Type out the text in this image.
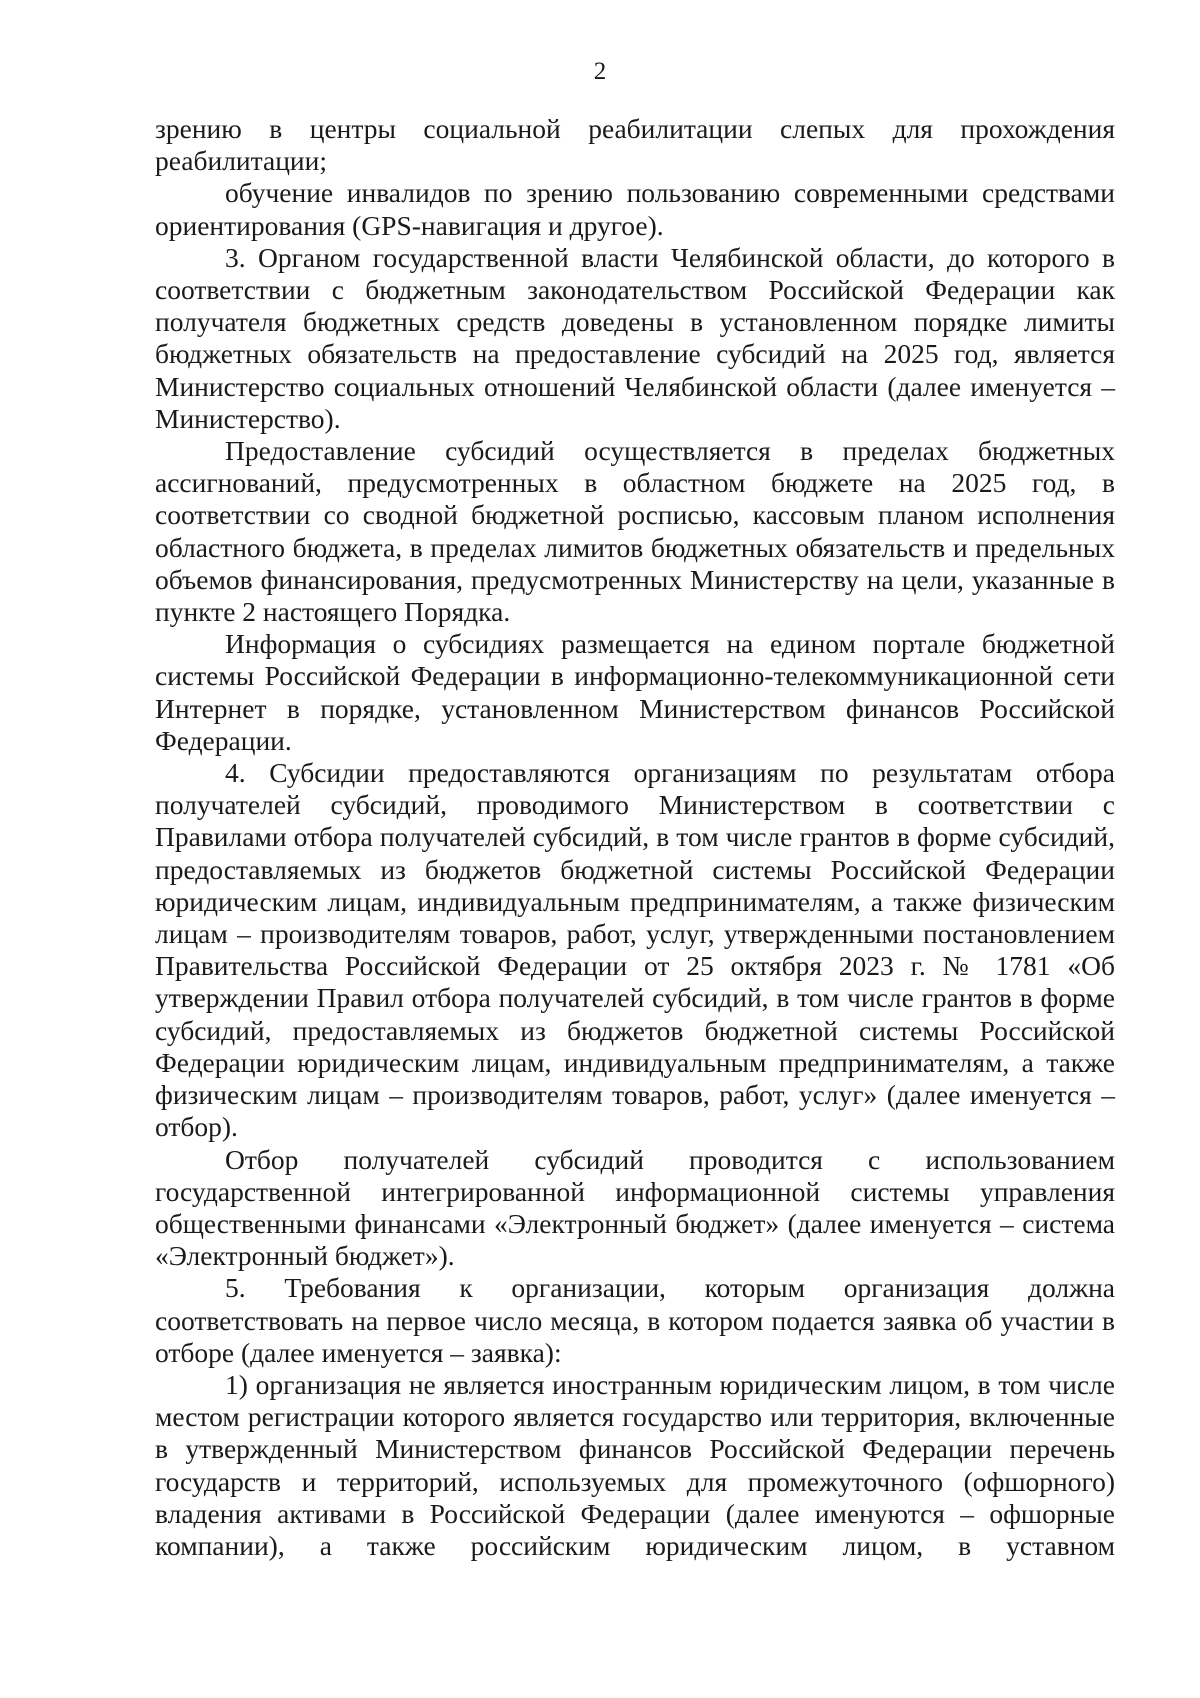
2

зрению в центры социальной реабилитации слепых для прохождения реабилитации;

обучение инвалидов по зрению пользованию современными средствами ориентирования (GPS-навигация и другое).

3. Органом государственной власти Челябинской области, до которого в соответствии с бюджетным законодательством Российской Федерации как получателя бюджетных средств доведены в установленном порядке лимиты бюджетных обязательств на предоставление субсидий на 2025 год, является Министерство социальных отношений Челябинской области (далее именуется – Министерство).

Предоставление субсидий осуществляется в пределах бюджетных ассигнований, предусмотренных в областном бюджете на 2025 год, в соответствии со сводной бюджетной росписью, кассовым планом исполнения областного бюджета, в пределах лимитов бюджетных обязательств и предельных объемов финансирования, предусмотренных Министерству на цели, указанные в пункте 2 настоящего Порядка.

Информация о субсидиях размещается на едином портале бюджетной системы Российской Федерации в информационно-телекоммуникационной сети Интернет в порядке, установленном Министерством финансов Российской Федерации.

4. Субсидии предоставляются организациям по результатам отбора получателей субсидий, проводимого Министерством в соответствии с Правилами отбора получателей субсидий, в том числе грантов в форме субсидий, предоставляемых из бюджетов бюджетной системы Российской Федерации юридическим лицам, индивидуальным предпринимателям, а также физическим лицам – производителям товаров, работ, услуг, утвержденными постановлением Правительства Российской Федерации от 25 октября 2023 г. № 1781 «Об утверждении Правил отбора получателей субсидий, в том числе грантов в форме субсидий, предоставляемых из бюджетов бюджетной системы Российской Федерации юридическим лицам, индивидуальным предпринимателям, а также физическим лицам – производителям товаров, работ, услуг» (далее именуется – отбор).

Отбор получателей субсидий проводится с использованием государственной интегрированной информационной системы управления общественными финансами «Электронный бюджет» (далее именуется – система «Электронный бюджет»).

5. Требования к организации, которым организация должна соответствовать на первое число месяца, в котором подается заявка об участии в отборе (далее именуется – заявка):

1) организация не является иностранным юридическим лицом, в том числе местом регистрации которого является государство или территория, включенные в утвержденный Министерством финансов Российской Федерации перечень государств и территорий, используемых для промежуточного (офшорного) владения активами в Российской Федерации (далее именуются – офшорные компании), а также российским юридическим лицом, в уставном
